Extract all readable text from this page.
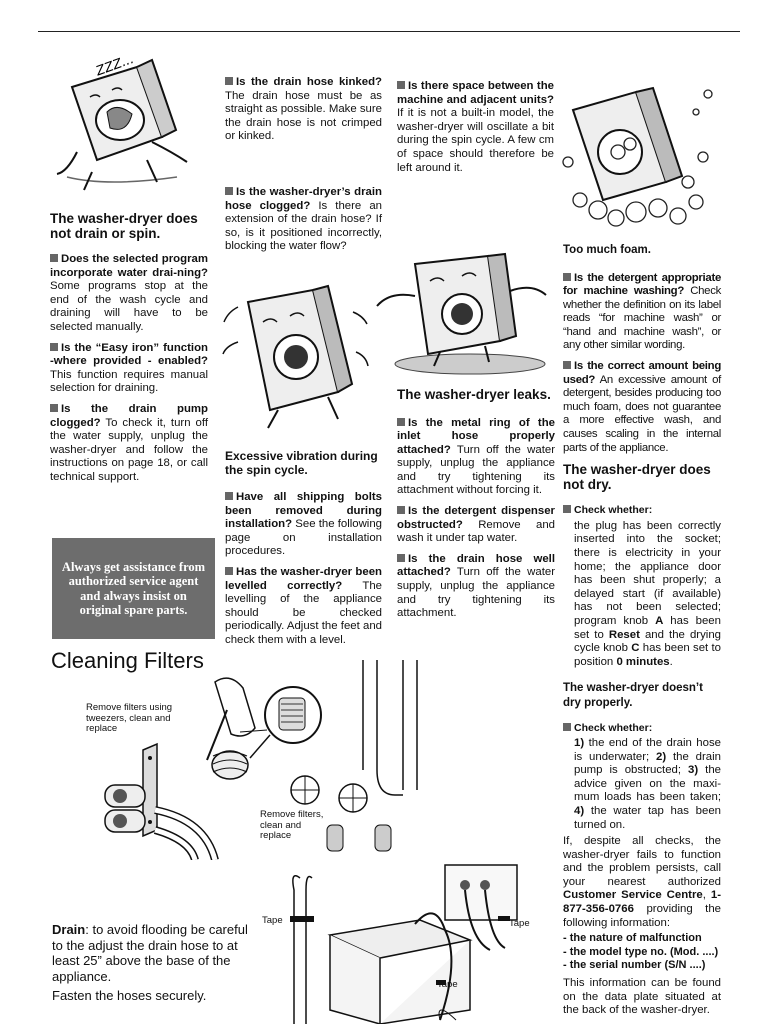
ZZZ...

The washer-dryer does not drain or spin.

Does the selected program incorporate water drai-ning? Some programs stop at the end of the wash cycle and draining will have to be selected manually.

Is the “Easy iron” function -where provided - enabled? This function requires manual selection for draining.

Is the drain pump clogged? To check it, turn off the water supply, unplug the washer-dryer and follow the instructions on page 18, or call technical support.

Always get assistance from authorized service agent and always insist on original spare parts.

Is the drain hose kinked? The drain hose must be as straight as possible. Make sure the drain hose is not crimped or kinked.

Is the washer-dryer’s drain hose clogged? Is there an extension of the drain hose? If so, is it positioned incorrectly, blocking the water flow?

Excessive vibration during the spin cycle.

Have all shipping bolts been removed during installation? See the following page on installation procedures.

Has the washer-dryer been levelled correctly? The levelling of the appliance should be checked periodically. Adjust the feet and check them with a level.

Is there space between the machine and adjacent units? If it is not a built-in model, the washer-dryer will oscillate a bit during the spin cycle. A few cm of space should therefore be left around it.

The washer-dryer leaks.

Is the metal ring of the inlet hose properly attached? Turn off the water supply, unplug the appliance and try tightening its attachment without forcing it.

Is the detergent dispenser obstructed? Remove and wash it under tap water.

Is the drain hose well attached? Turn off the water supply, unplug the appliance and try tightening its attachment.

Too much foam.

Is the detergent appropriate for machine washing? Check whether the definition on its label reads “for machine wash” or “hand and machine wash”, or any other similar wording.

Is the correct amount being used? An excessive amount of detergent, besides producing too much foam, does not guarantee a more effective wash, and causes scaling in the internal parts of the appliance.

The washer-dryer does not dry.

Check whether:

the plug has been correctly inserted into the socket; there is electricity in your home; the appliance door has been shut properly; a delayed start (if available) has not been selected; program knob A has been set to Reset and the drying cycle knob C has been set to position 0 minutes.

The washer-dryer doesn’t dry properly.

Check whether:

1) the end of the drain hose is underwater; 2) the drain pump is obstructed; 3) the advice given on the maxi-mum loads has been taken; 4) the water tap has been turned on.

If, despite all checks, the washer-dryer fails to function and the problem persists, call your nearest authorized Customer Service Centre, 1-877-356-0766 providing the following information:

- the nature of malfunction

- the model type no. (Mod. ....)

- the serial number (S/N ....)

This information can be found on the data plate situated at the back of the washer-dryer.

Cleaning Filters
Remove filters using tweezers, clean and replace
Remove filters, clean and replace
Tape
Tape
Tape

Drain: to avoid flooding be careful to the adjust the drain hose to at least 25” above the base of the appliance.

Fasten the hoses securely.
